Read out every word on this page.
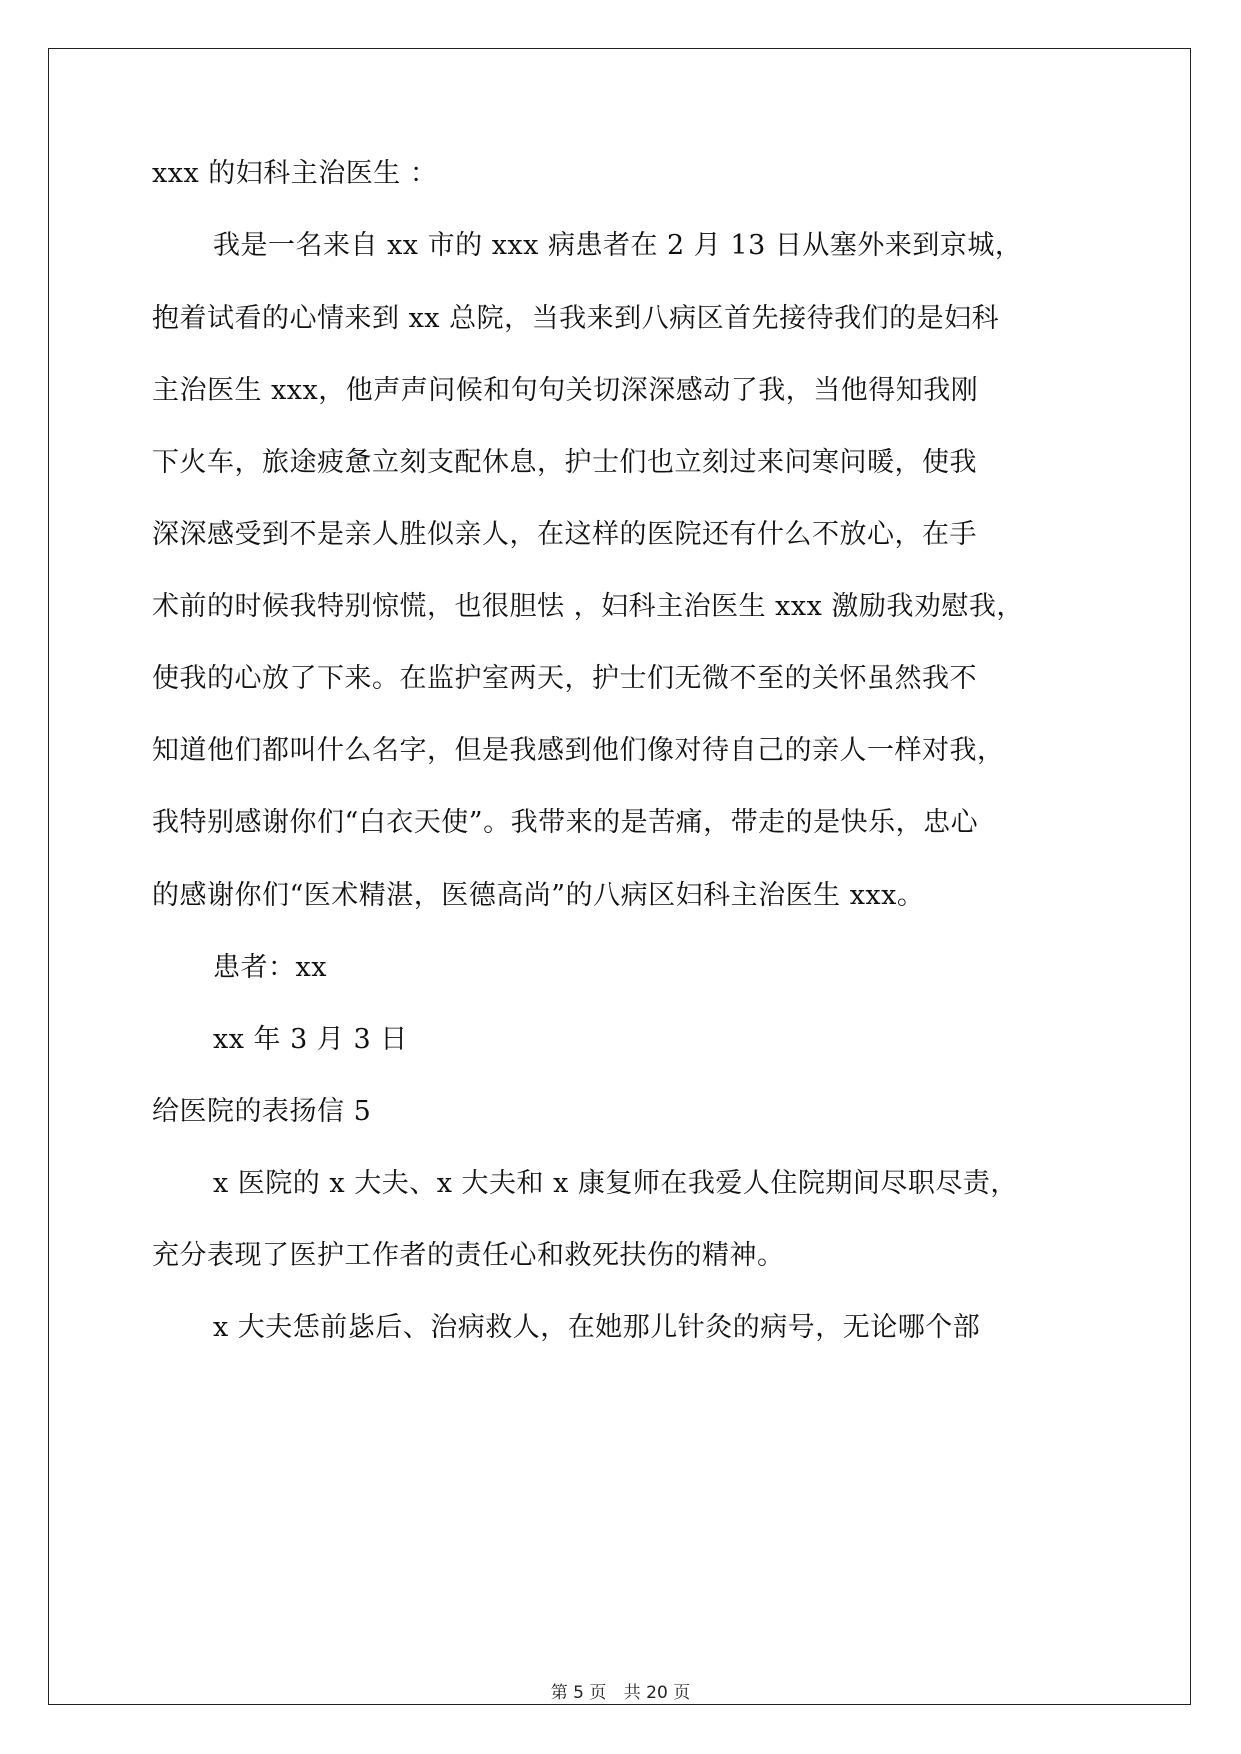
xxx 的妇科主治医生 ：
我是一名来自 xx 市的 xxx 病患者在 2 月 13 日从塞外来到京城，
抱着试看的心情来到 xx 总院，当我来到八病区首先接待我们的是妇科
主治医生 xxx，他声声问候和句句关切深深感动了我，当他得知我刚
下火车，旅途疲惫立刻支配休息，护士们也立刻过来问寒问暖，使我
深深感受到不是亲人胜似亲人，在这样的医院还有什么不放心，在手
术前的时候我特别惊慌，也很胆怯 ，妇科主治医生 xxx 激励我劝慰我，
使我的心放了下来。在监护室两天，护士们无微不至的关怀虽然我不
知道他们都叫什么名字，但是我感到他们像对待自己的亲人一样对我，
我特别感谢你们“白衣天使”。我带来的是苦痛，带走的是快乐，忠心
的感谢你们“医术精湛，医德高尚”的八病区妇科主治医生 xxx。
患者：xx
xx 年 3 月 3 日
给医院的表扬信 5
x 医院的 x 大夫、x 大夫和 x 康复师在我爱人住院期间尽职尽责，
充分表现了医护工作者的责任心和救死扶伤的精神。
x 大夫恁前毖后、治病救人，在她那儿针灸的病号，无论哪个部
第 5 页 共 20 页
